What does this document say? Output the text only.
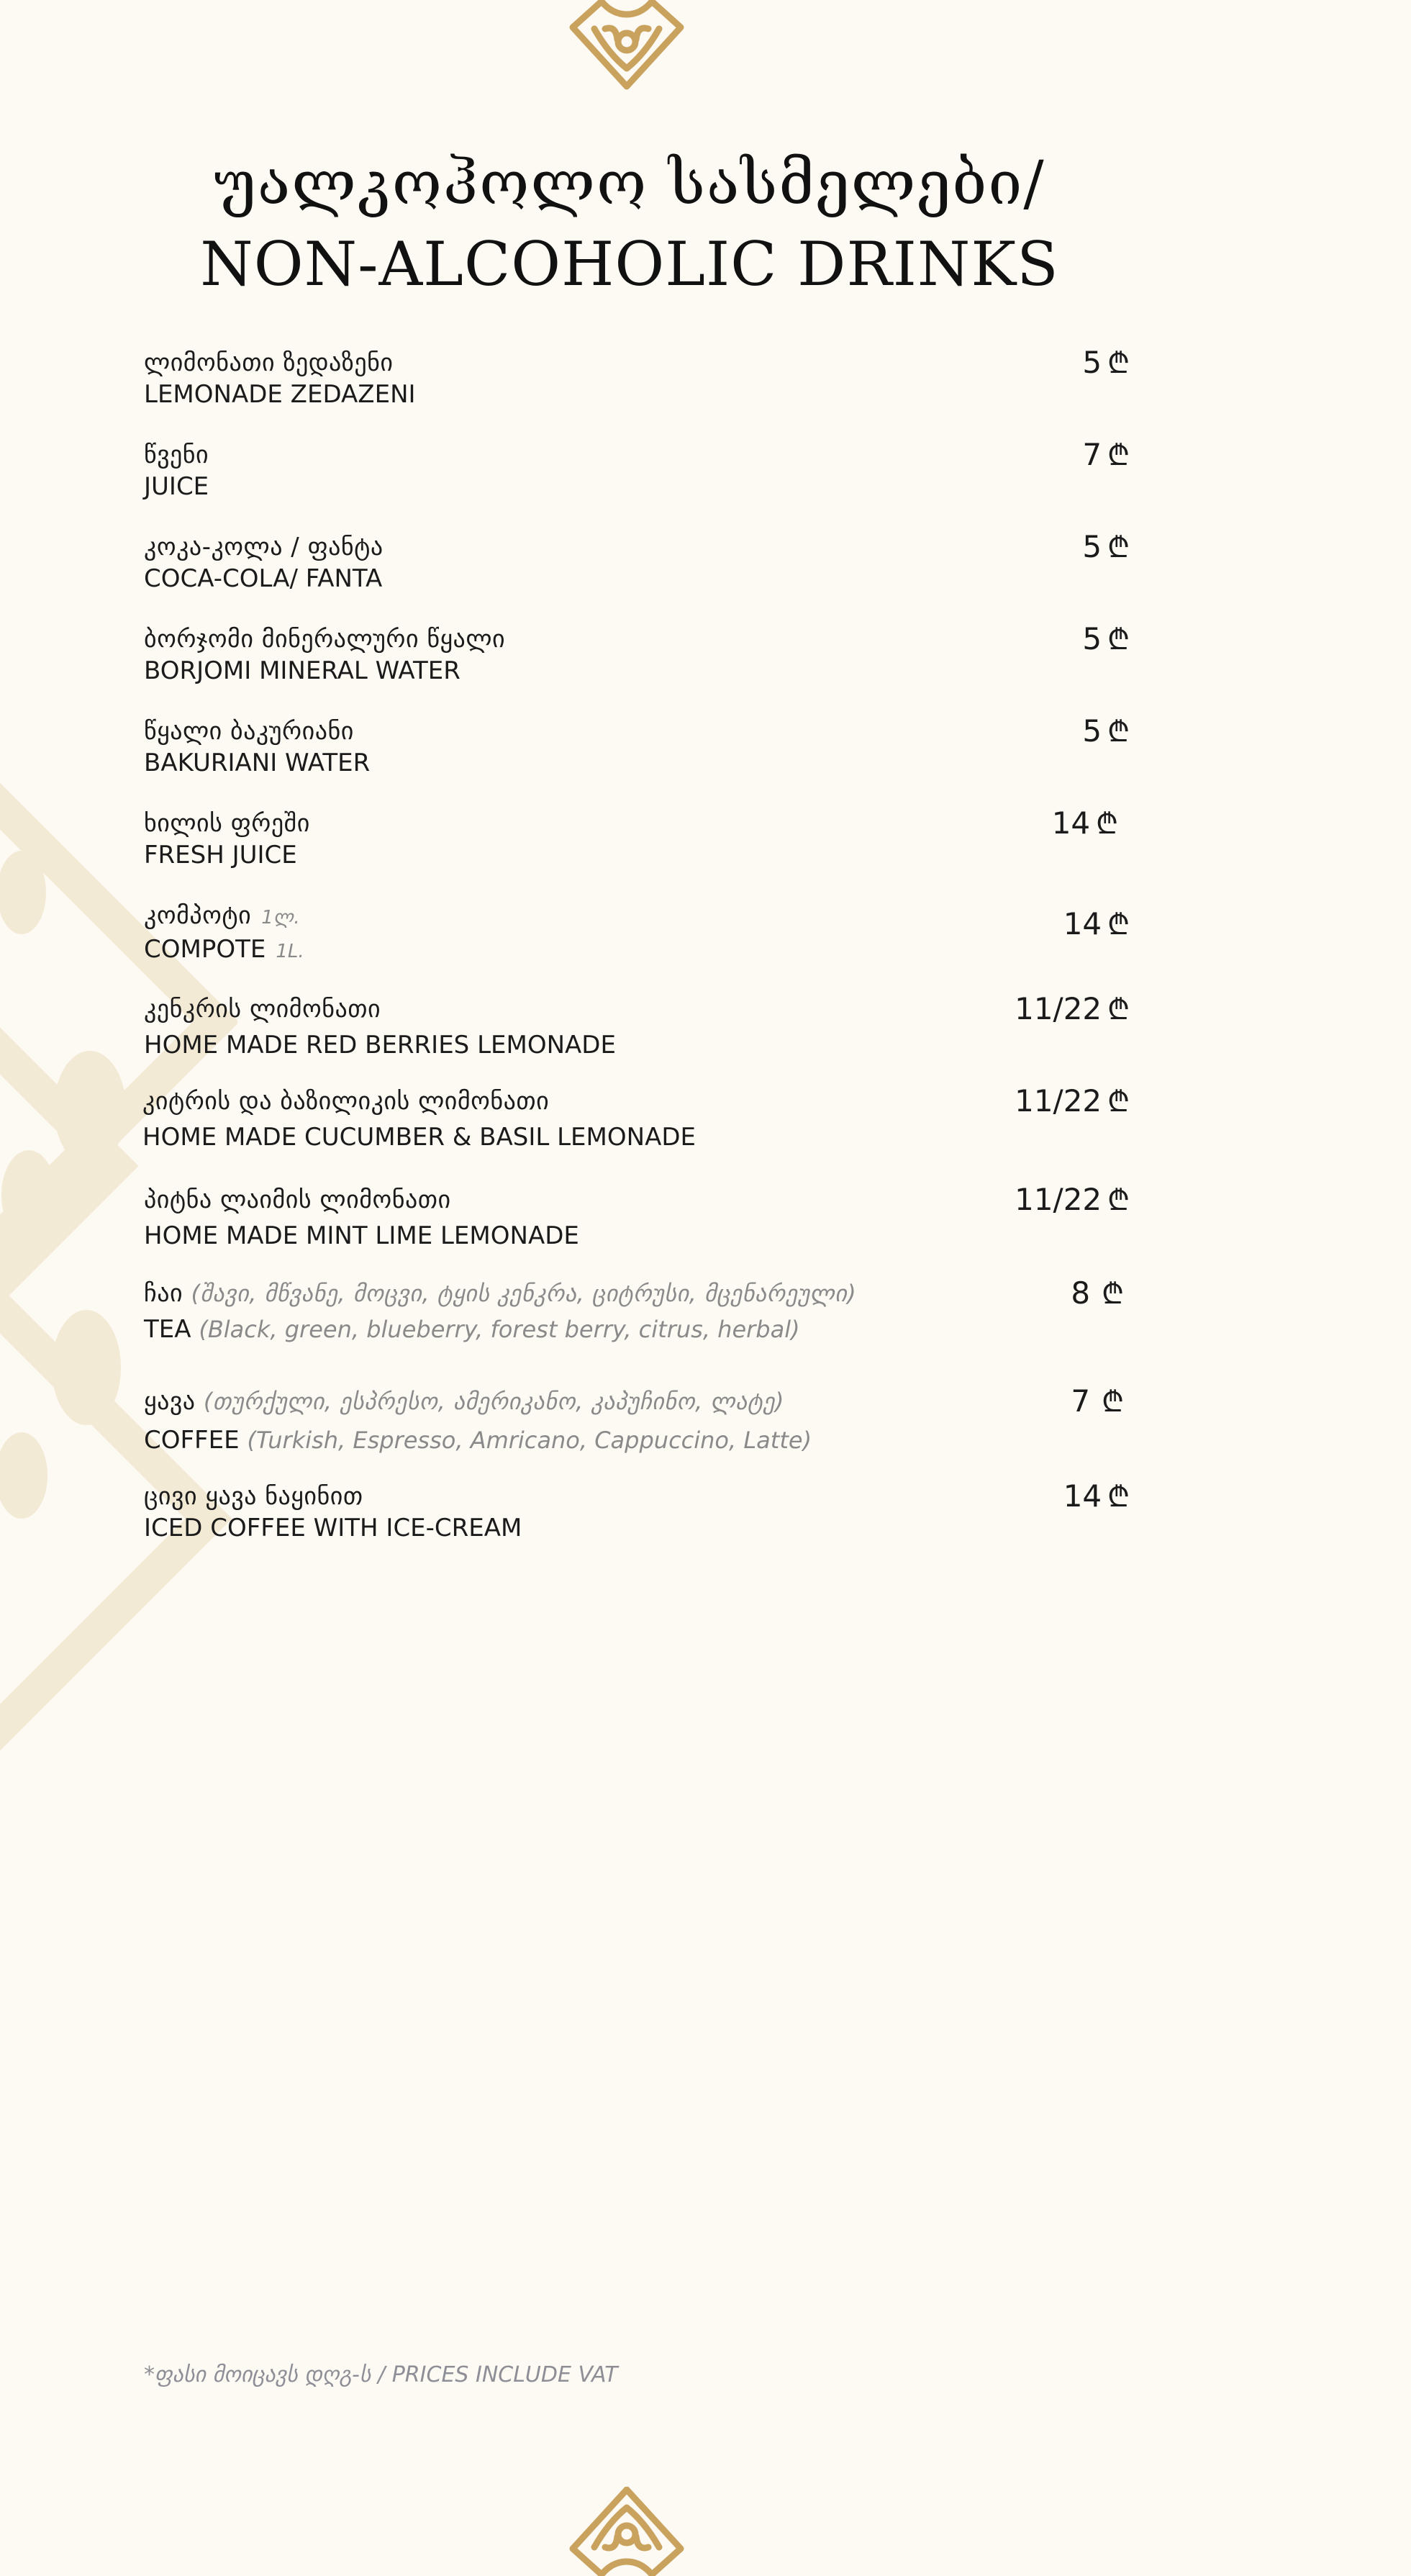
უალკოჰოლო სასმელები/
NON-ALCOHOLIC DRINKS
ლიმონათი ზედაზენი
LEMONADE ZEDAZENI
5 ₾
წვენი
JUICE
7 ₾
კოკა-კოლა / ფანტა
COCA-COLA/ FANTA
5 ₾
ბორჯომი მინერალური წყალი
BORJOMI MINERAL WATER
5 ₾
წყალი ბაკურიანი
BAKURIANI WATER
5 ₾
ხილის ფრეში
FRESH JUICE
14 ₾
კომპოტი 1ლ.
COMPOTE 1L.
14 ₾
კენკრის ლიმონათი
HOME MADE RED BERRIES LEMONADE
11/22 ₾
კიტრის და ბაზილიკის ლიმონათი
HOME MADE CUCUMBER & BASIL LEMONADE
11/22 ₾
პიტნა ლაიმის ლიმონათი
HOME MADE MINT LIME LEMONADE
11/22 ₾
ჩაი (შავი, მწვანე, მოცვი, ტყის კენკრა, ციტრუსი, მცენარეული)
TEA (Black, green, blueberry, forest berry, citrus, herbal)
8 ₾
ყავა (თურქული, ესპრესო, ამერიკანო, კაპუჩინო, ლატე)
COFFEE (Turkish, Espresso, Amricano, Cappuccino, Latte)
7 ₾
ცივი ყავა ნაყინით
ICED COFFEE WITH ICE-CREAM
14 ₾
*ფასი მოიცავს დღგ-ს / PRICES INCLUDE VAT
